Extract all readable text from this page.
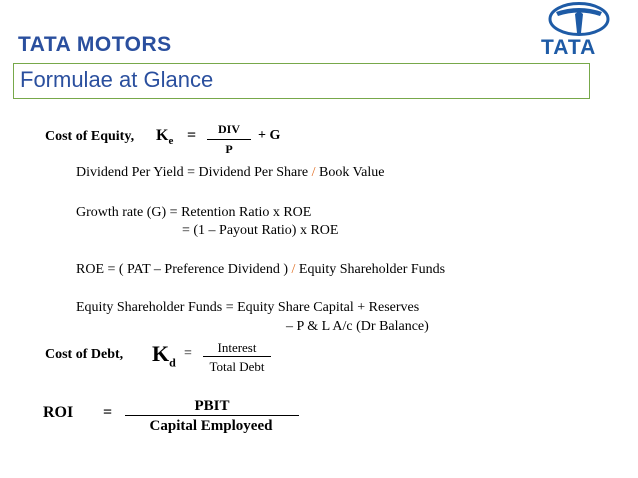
TATA MOTORS	TATA
Formulae at Glance
Cost of Equity, $K_e$ =	DIV
P
+ G
Dividend Per Yield = Dividend Per Share / Book Value
Growth rate (G) = Retention Ratio x ROE
= (1 – Payout Ratio) x ROE
ROE = ( PAT – Preference Dividend ) / Equity Shareholder Funds
Equity Shareholder Funds = Equity Share Capital + Reserves
– P & L A/c (Dr Balance)
Cost of Debt, $K_d$
=	Interest
Total Debt
ROI =	PBIT
Capital Employeed
